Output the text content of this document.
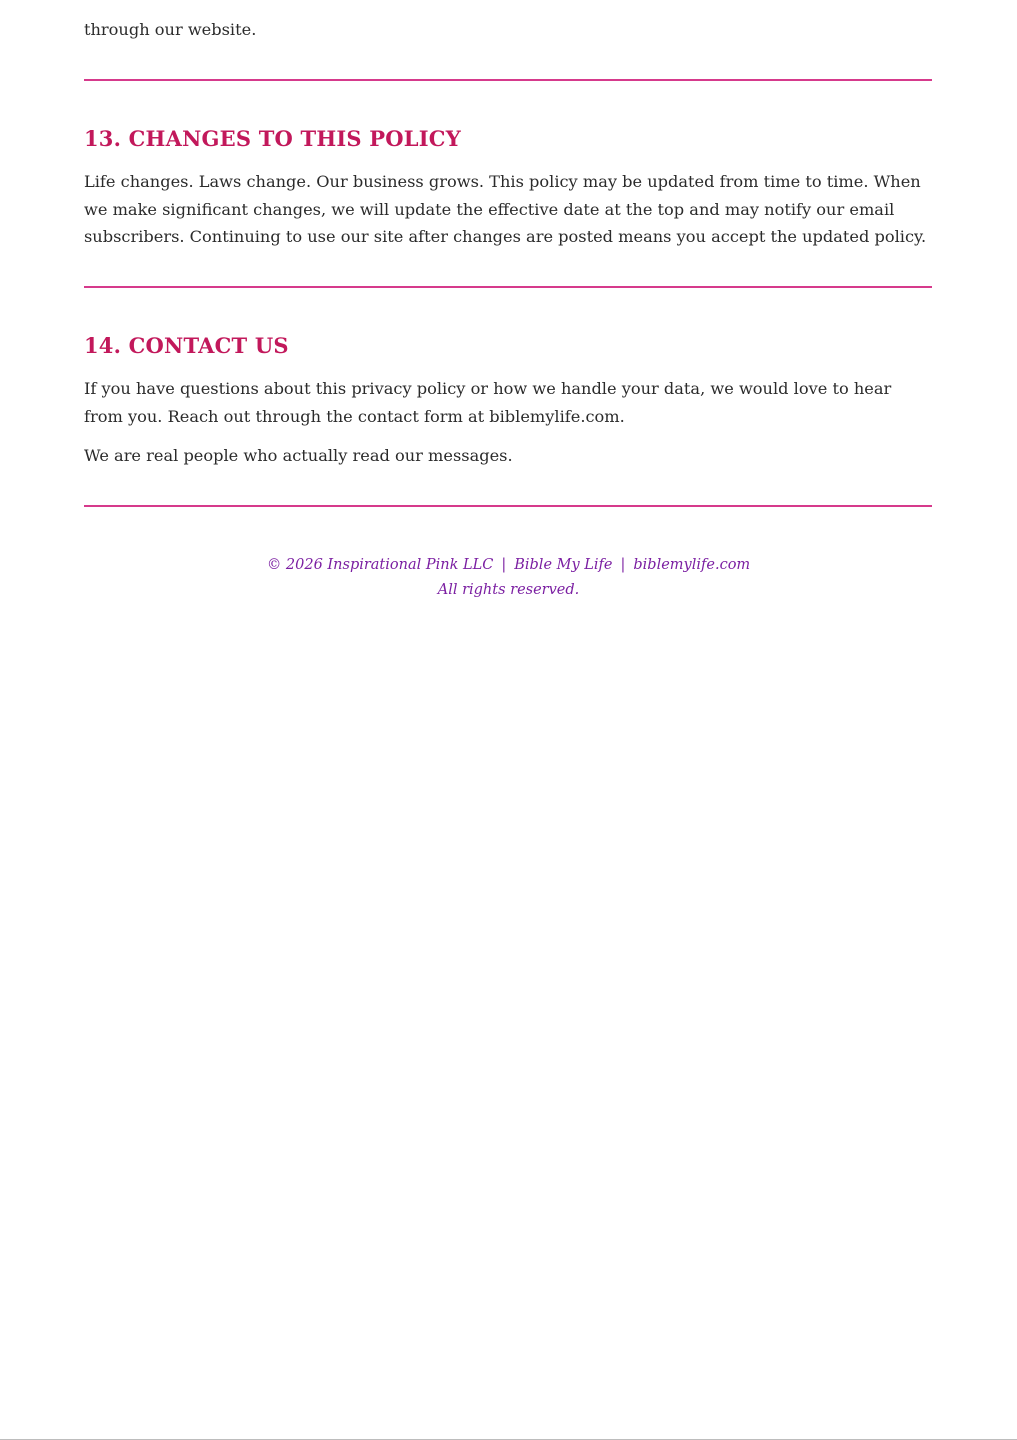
through our website.

13. CHANGES TO THIS POLICY

Life changes. Laws change. Our business grows. This policy may be updated from time to time. When we make significant changes, we will update the effective date at the top and may notify our email subscribers. Continuing to use our site after changes are posted means you accept the updated policy.

14. CONTACT US

If you have questions about this privacy policy or how we handle your data, we would love to hear from you. Reach out through the contact form at biblemylife.com.

We are real people who actually read our messages.

© 2026 Inspirational Pink LLC | Bible My Life | biblemylife.com
All rights reserved.
